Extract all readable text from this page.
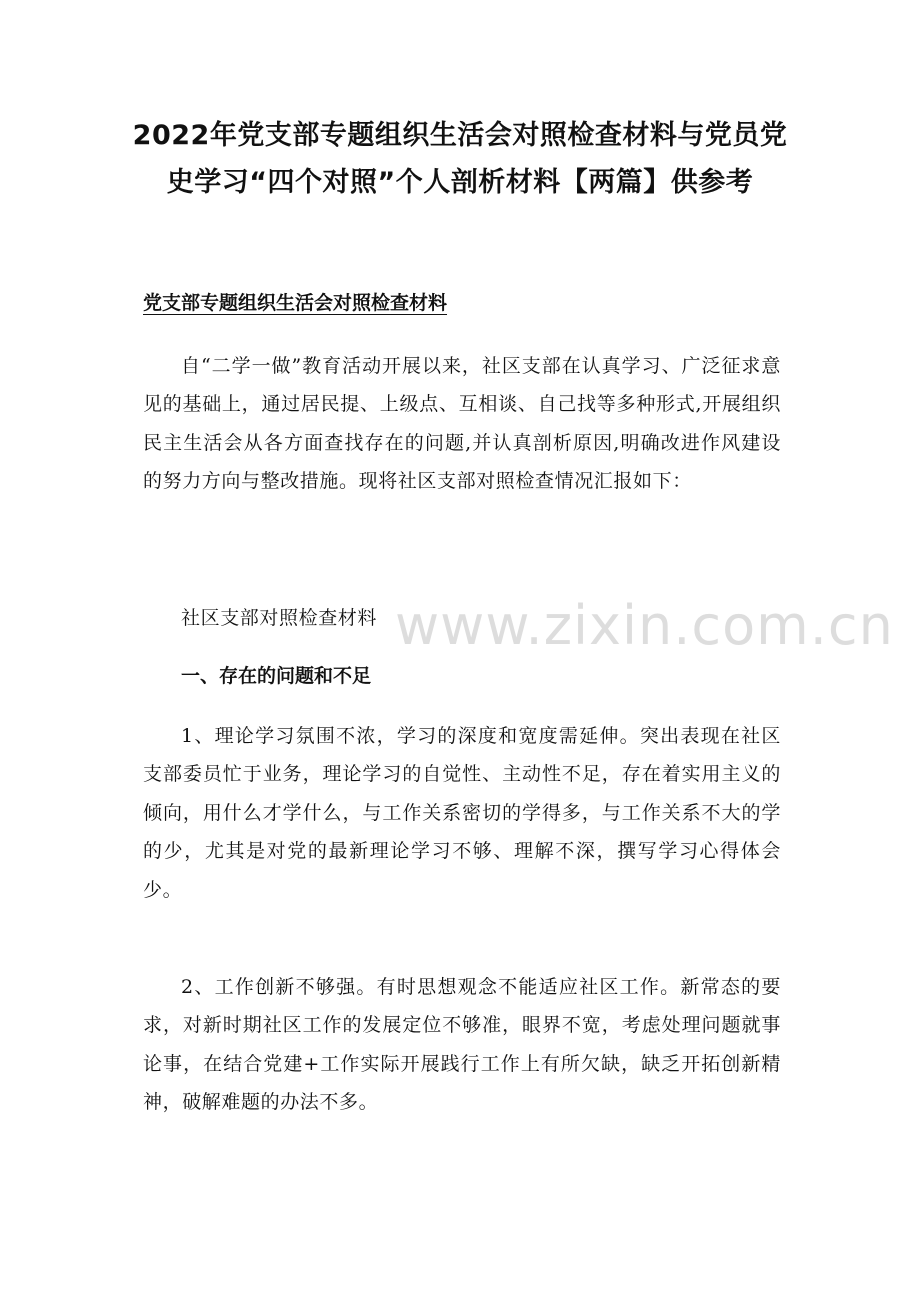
2022年党支部专题组织生活会对照检查材料与党员党史学习“四个对照”个人剖析材料【两篇】供参考
党支部专题组织生活会对照检查材料

自“二学一做”教育活动开展以来，社区支部在认真学习、广泛征求意见的基础上，通过居民提、上级点、互相谈、自己找等多种形式,开展组织民主生活会从各方面查找存在的问题,并认真剖析原因,明确改进作风建设的努力方向与整改措施。现将社区支部对照检查情况汇报如下：

社区支部对照检查材料

一、存在的问题和不足

1、理论学习氛围不浓，学习的深度和宽度需延伸。突出表现在社区支部委员忙于业务，理论学习的自觉性、主动性不足，存在着实用主义的倾向，用什么才学什么，与工作关系密切的学得多，与工作关系不大的学的少，尤其是对党的最新理论学习不够、理解不深，撰写学习心得体会少。

2、工作创新不够强。有时思想观念不能适应社区工作。新常态的要求，对新时期社区工作的发展定位不够准，眼界不宽，考虑处理问题就事论事，在结合党建+工作实际开展践行工作上有所欠缺，缺乏开拓创新精神，破解难题的办法不多。

www.zixin.com.cn
